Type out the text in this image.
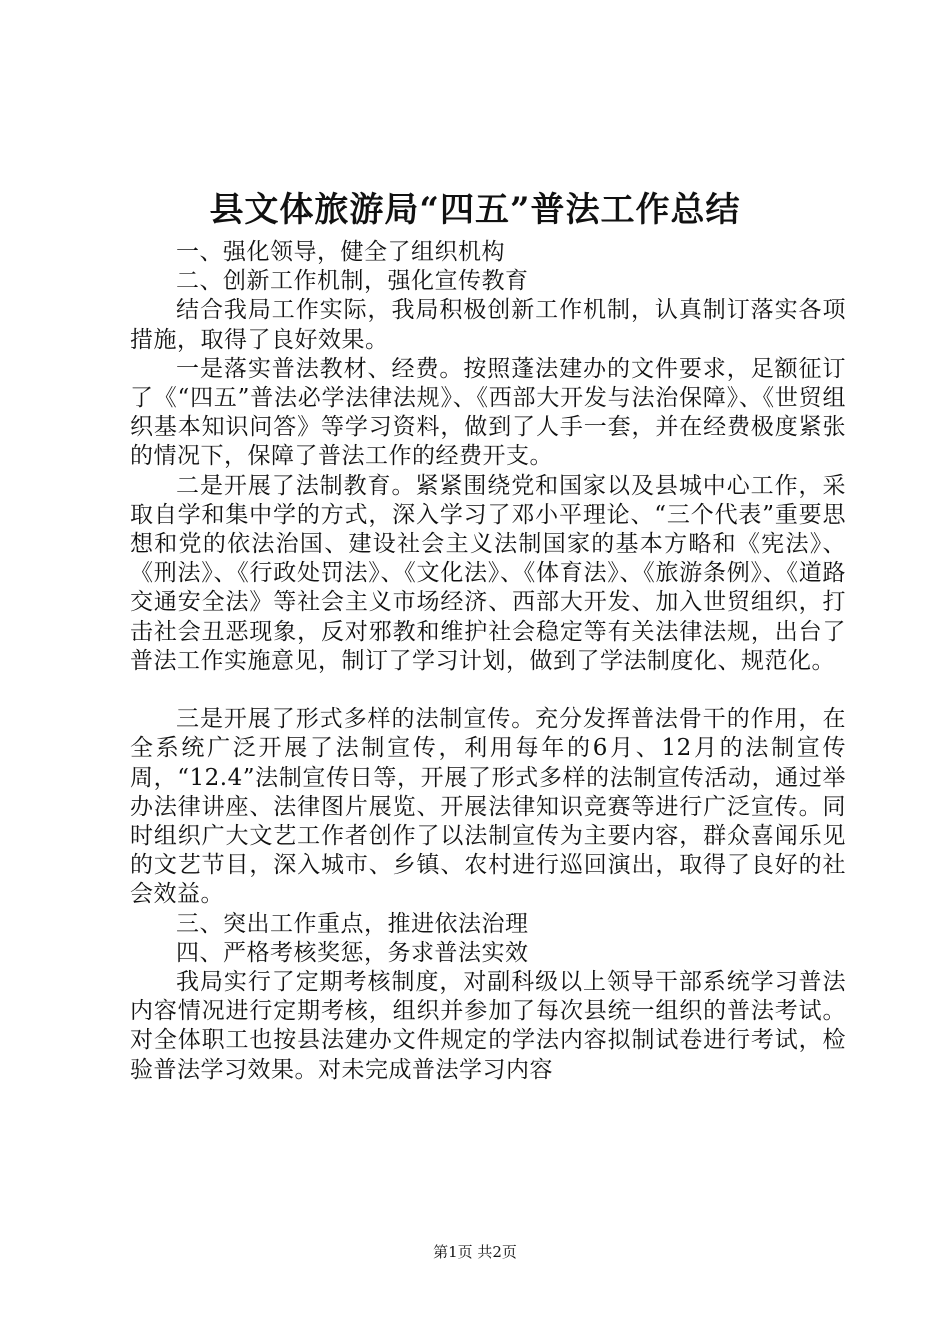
县文体旅游局“四五”普法工作总结

一、强化领导，健全了组织机构

二、创新工作机制，强化宣传教育

结合我局工作实际，我局积极创新工作机制，认真制订落实各项措施，取得了良好效果。

一是落实普法教材、经费。按照蓬法建办的文件要求，足额征订了《“四五”普法必学法律法规》、《西部大开发与法治保障》、《世贸组织基本知识问答》等学习资料，做到了人手一套，并在经费极度紧张的情况下，保障了普法工作的经费开支。

二是开展了法制教育。紧紧围绕党和国家以及县城中心工作，采取自学和集中学的方式，深入学习了邓小平理论、“三个代表”重要思想和党的依法治国、建设社会主义法制国家的基本方略和《宪法》、《刑法》、《行政处罚法》、《文化法》、《体育法》、《旅游条例》、《道路交通安全法》等社会主义市场经济、西部大开发、加入世贸组织，打击社会丑恶现象，反对邪教和维护社会稳定等有关法律法规，出台了普法工作实施意见，制订了学习计划，做到了学法制度化、规范化。

三是开展了形式多样的法制宣传。充分发挥普法骨干的作用，在全系统广泛开展了法制宣传，利用每年的6月、12月的法制宣传周，“12.4”法制宣传日等，开展了形式多样的法制宣传活动，通过举办法律讲座、法律图片展览、开展法律知识竞赛等进行广泛宣传。同时组织广大文艺工作者创作了以法制宣传为主要内容，群众喜闻乐见的文艺节目，深入城市、乡镇、农村进行巡回演出，取得了良好的社会效益。

三、突出工作重点，推进依法治理

四、严格考核奖惩，务求普法实效

我局实行了定期考核制度，对副科级以上领导干部系统学习普法内容情况进行定期考核，组织并参加了每次县统一组织的普法考试。对全体职工也按县法建办文件规定的学法内容拟制试卷进行考试，检验普法学习效果。对未完成普法学习内容

第1页 共2页
